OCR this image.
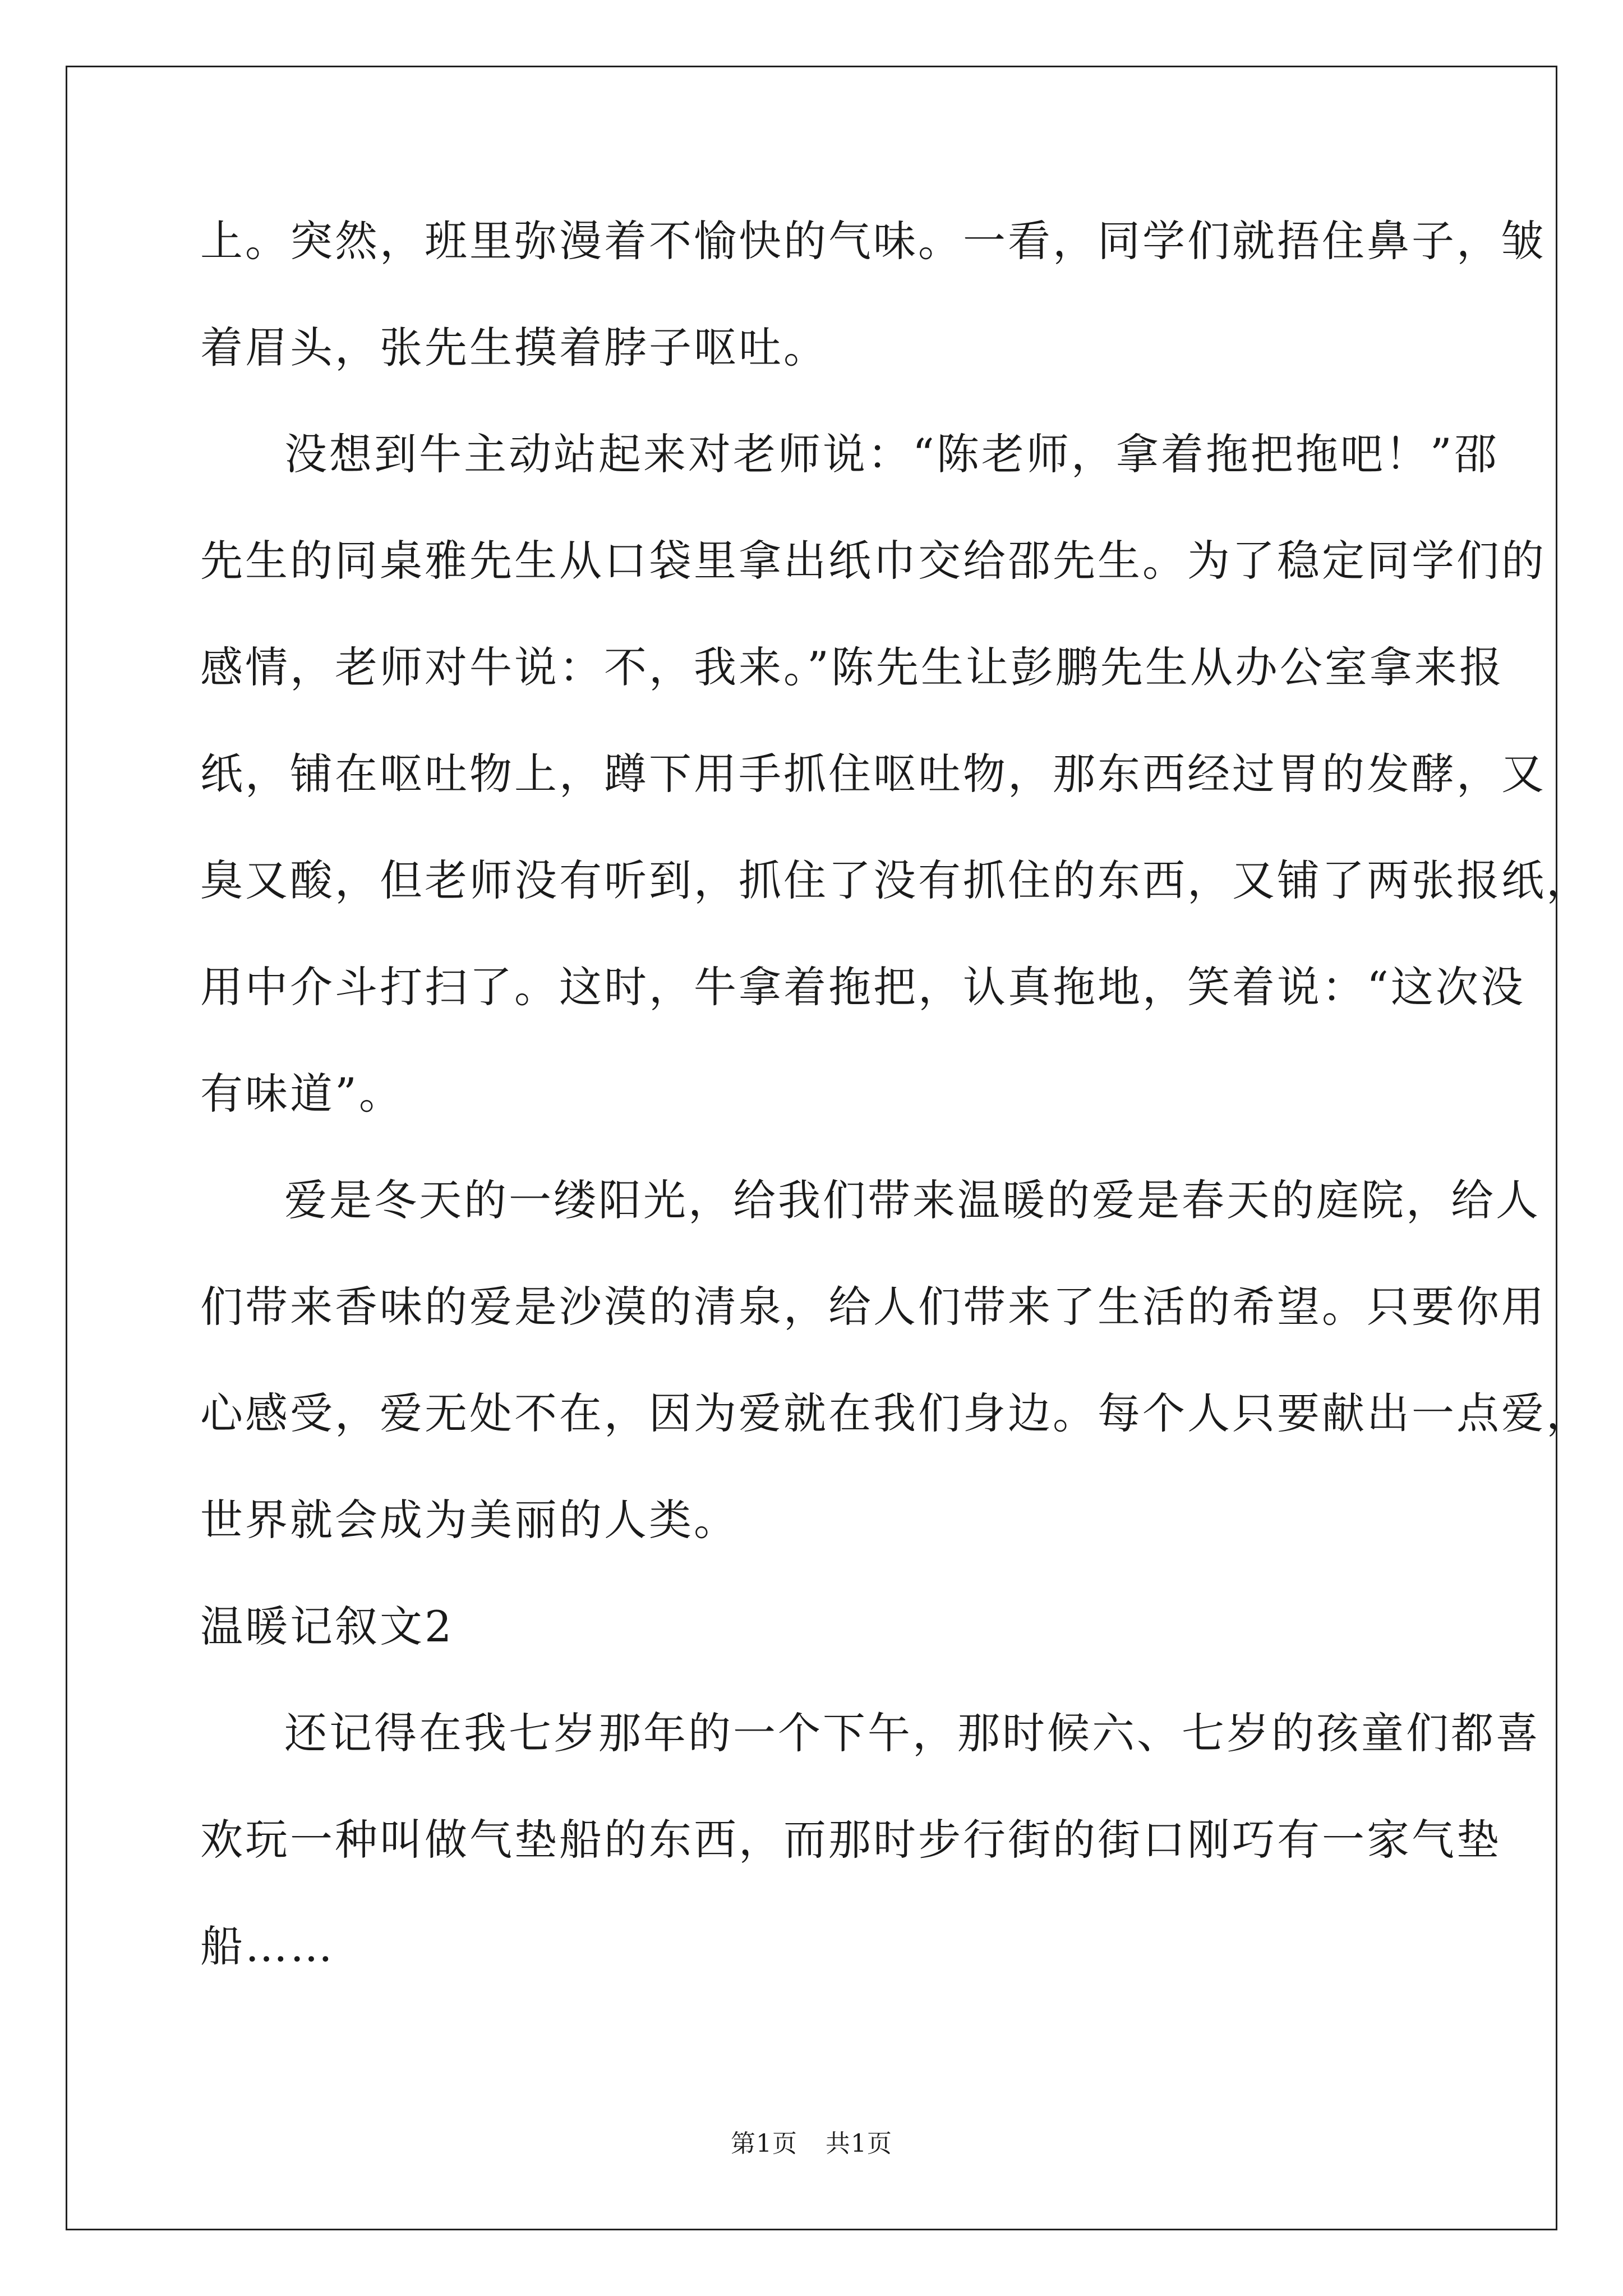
上。突然，班里弥漫着不愉快的气味。一看，同学们就捂住鼻子，皱
着眉头，张先生摸着脖子呕吐。
没想到牛主动站起来对老师说：“陈老师，拿着拖把拖吧！”邵
先生的同桌雅先生从口袋里拿出纸巾交给邵先生。为了稳定同学们的
感情，老师对牛说：不，我来。”陈先生让彭鹏先生从办公室拿来报
纸，铺在呕吐物上，蹲下用手抓住呕吐物，那东西经过胃的发酵，又
臭又酸，但老师没有听到，抓住了没有抓住的东西，又铺了两张报纸，
用中介斗打扫了。这时，牛拿着拖把，认真拖地，笑着说：“这次没
有味道”。
爱是冬天的一缕阳光，给我们带来温暖的爱是春天的庭院，给人
们带来香味的爱是沙漠的清泉，给人们带来了生活的希望。只要你用
心感受，爱无处不在，因为爱就在我们身边。每个人只要献出一点爱，
世界就会成为美丽的人类。
温暖记叙文2
还记得在我七岁那年的一个下午，那时候六、七岁的孩童们都喜
欢玩一种叫做气垫船的东西，而那时步行街的街口刚巧有一家气垫
船……
第1页 共1页
